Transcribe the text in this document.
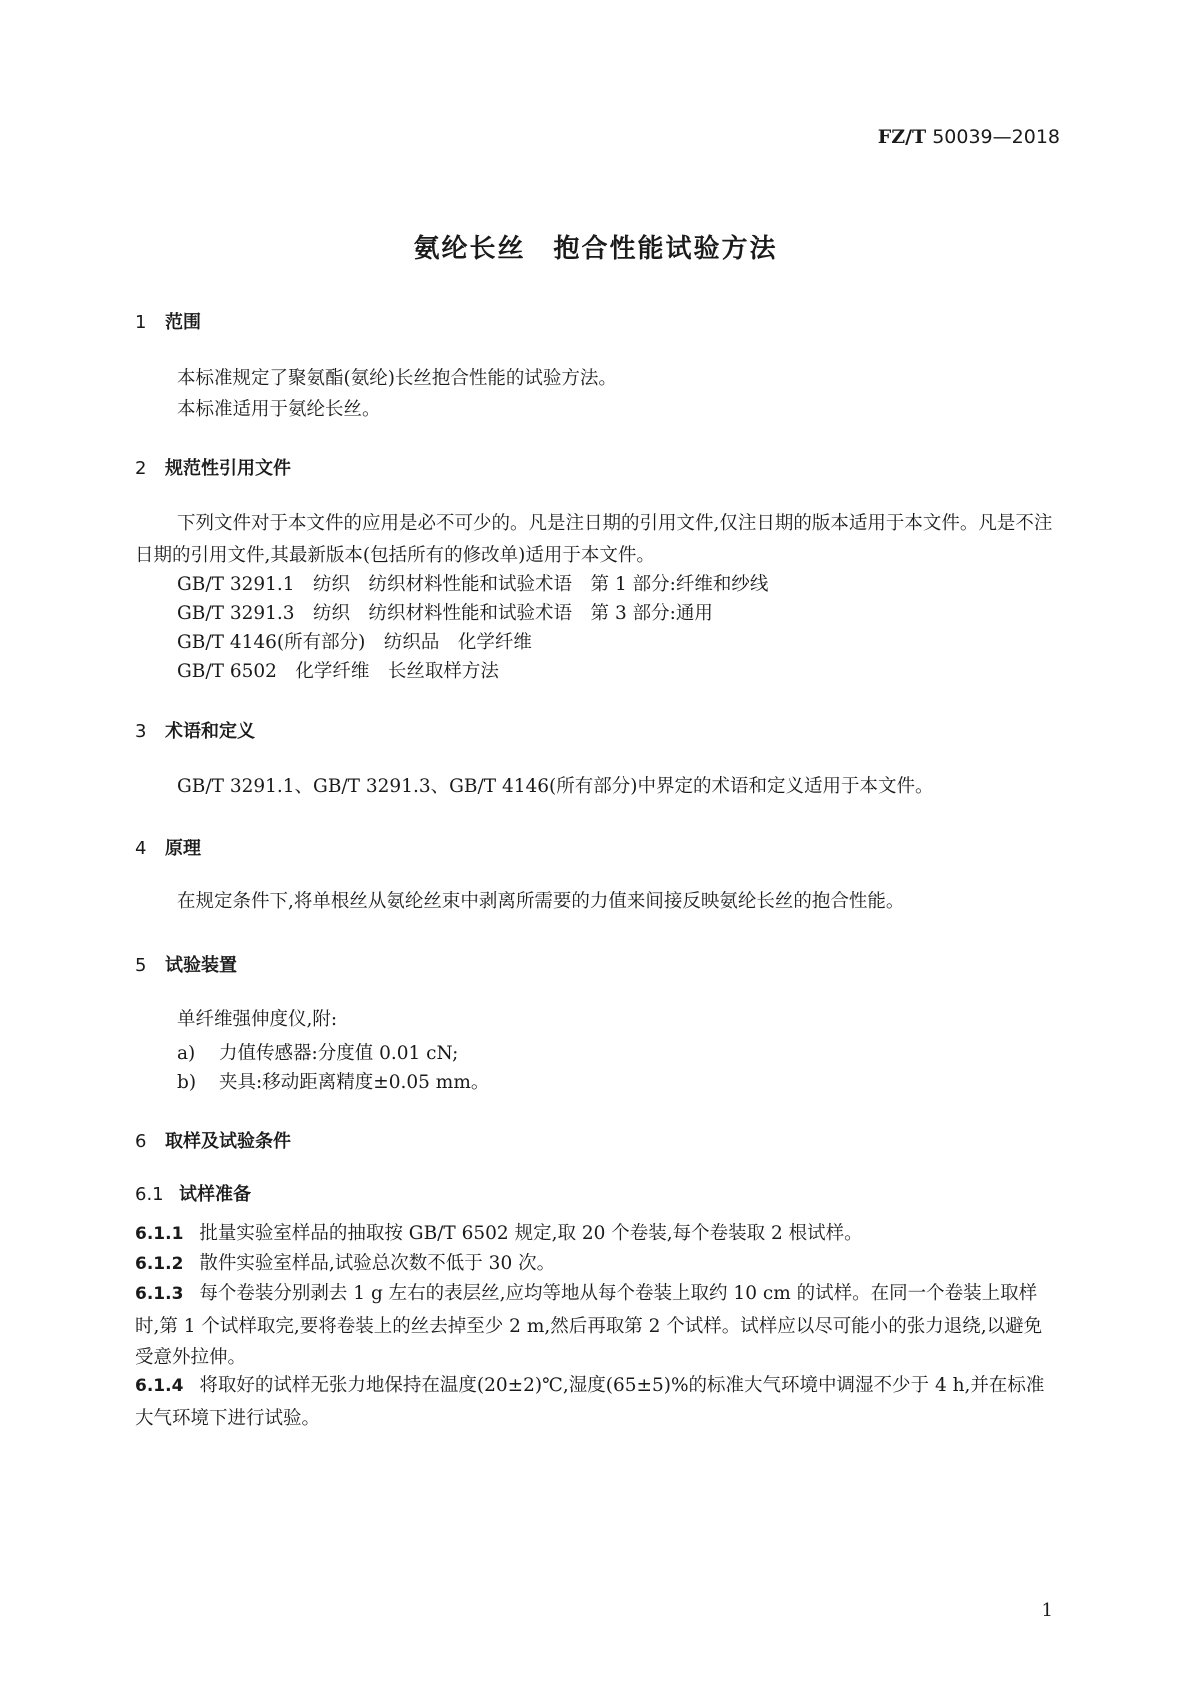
FZ/T 50039—2018
氨纶长丝　抱合性能试验方法
1 范围
本标准规定了聚氨酯(氨纶)长丝抱合性能的试验方法。
本标准适用于氨纶长丝。
2 规范性引用文件
下列文件对于本文件的应用是必不可少的。凡是注日期的引用文件,仅注日期的版本适用于本文件。凡是不注日期的引用文件,其最新版本(包括所有的修改单)适用于本文件。
GB/T 3291.1　纺织　纺织材料性能和试验术语　第 1 部分:纤维和纱线
GB/T 3291.3　纺织　纺织材料性能和试验术语　第 3 部分:通用
GB/T 4146(所有部分)　纺织品　化学纤维
GB/T 6502　化学纤维　长丝取样方法
3 术语和定义
GB/T 3291.1、GB/T 3291.3、GB/T 4146(所有部分)中界定的术语和定义适用于本文件。
4 原理
在规定条件下,将单根丝从氨纶丝束中剥离所需要的力值来间接反映氨纶长丝的抱合性能。
5 试验装置
单纤维强伸度仪,附:
a) 力值传感器:分度值 0.01 cN;
b) 夹具:移动距离精度±0.05 mm。
6 取样及试验条件
6.1 试样准备
6.1.1 批量实验室样品的抽取按 GB/T 6502 规定,取 20 个卷装,每个卷装取 2 根试样。
6.1.2 散件实验室样品,试验总次数不低于 30 次。
6.1.3 每个卷装分别剥去 1 g 左右的表层丝,应均等地从每个卷装上取约 10 cm 的试样。在同一个卷装上取样时,第 1 个试样取完,要将卷装上的丝去掉至少 2 m,然后再取第 2 个试样。试样应以尽可能小的张力退绕,以避免受意外拉伸。
6.1.4 将取好的试样无张力地保持在温度(20±2)℃,湿度(65±5)%的标准大气环境中调湿不少于 4 h,并在标准大气环境下进行试验。
1
